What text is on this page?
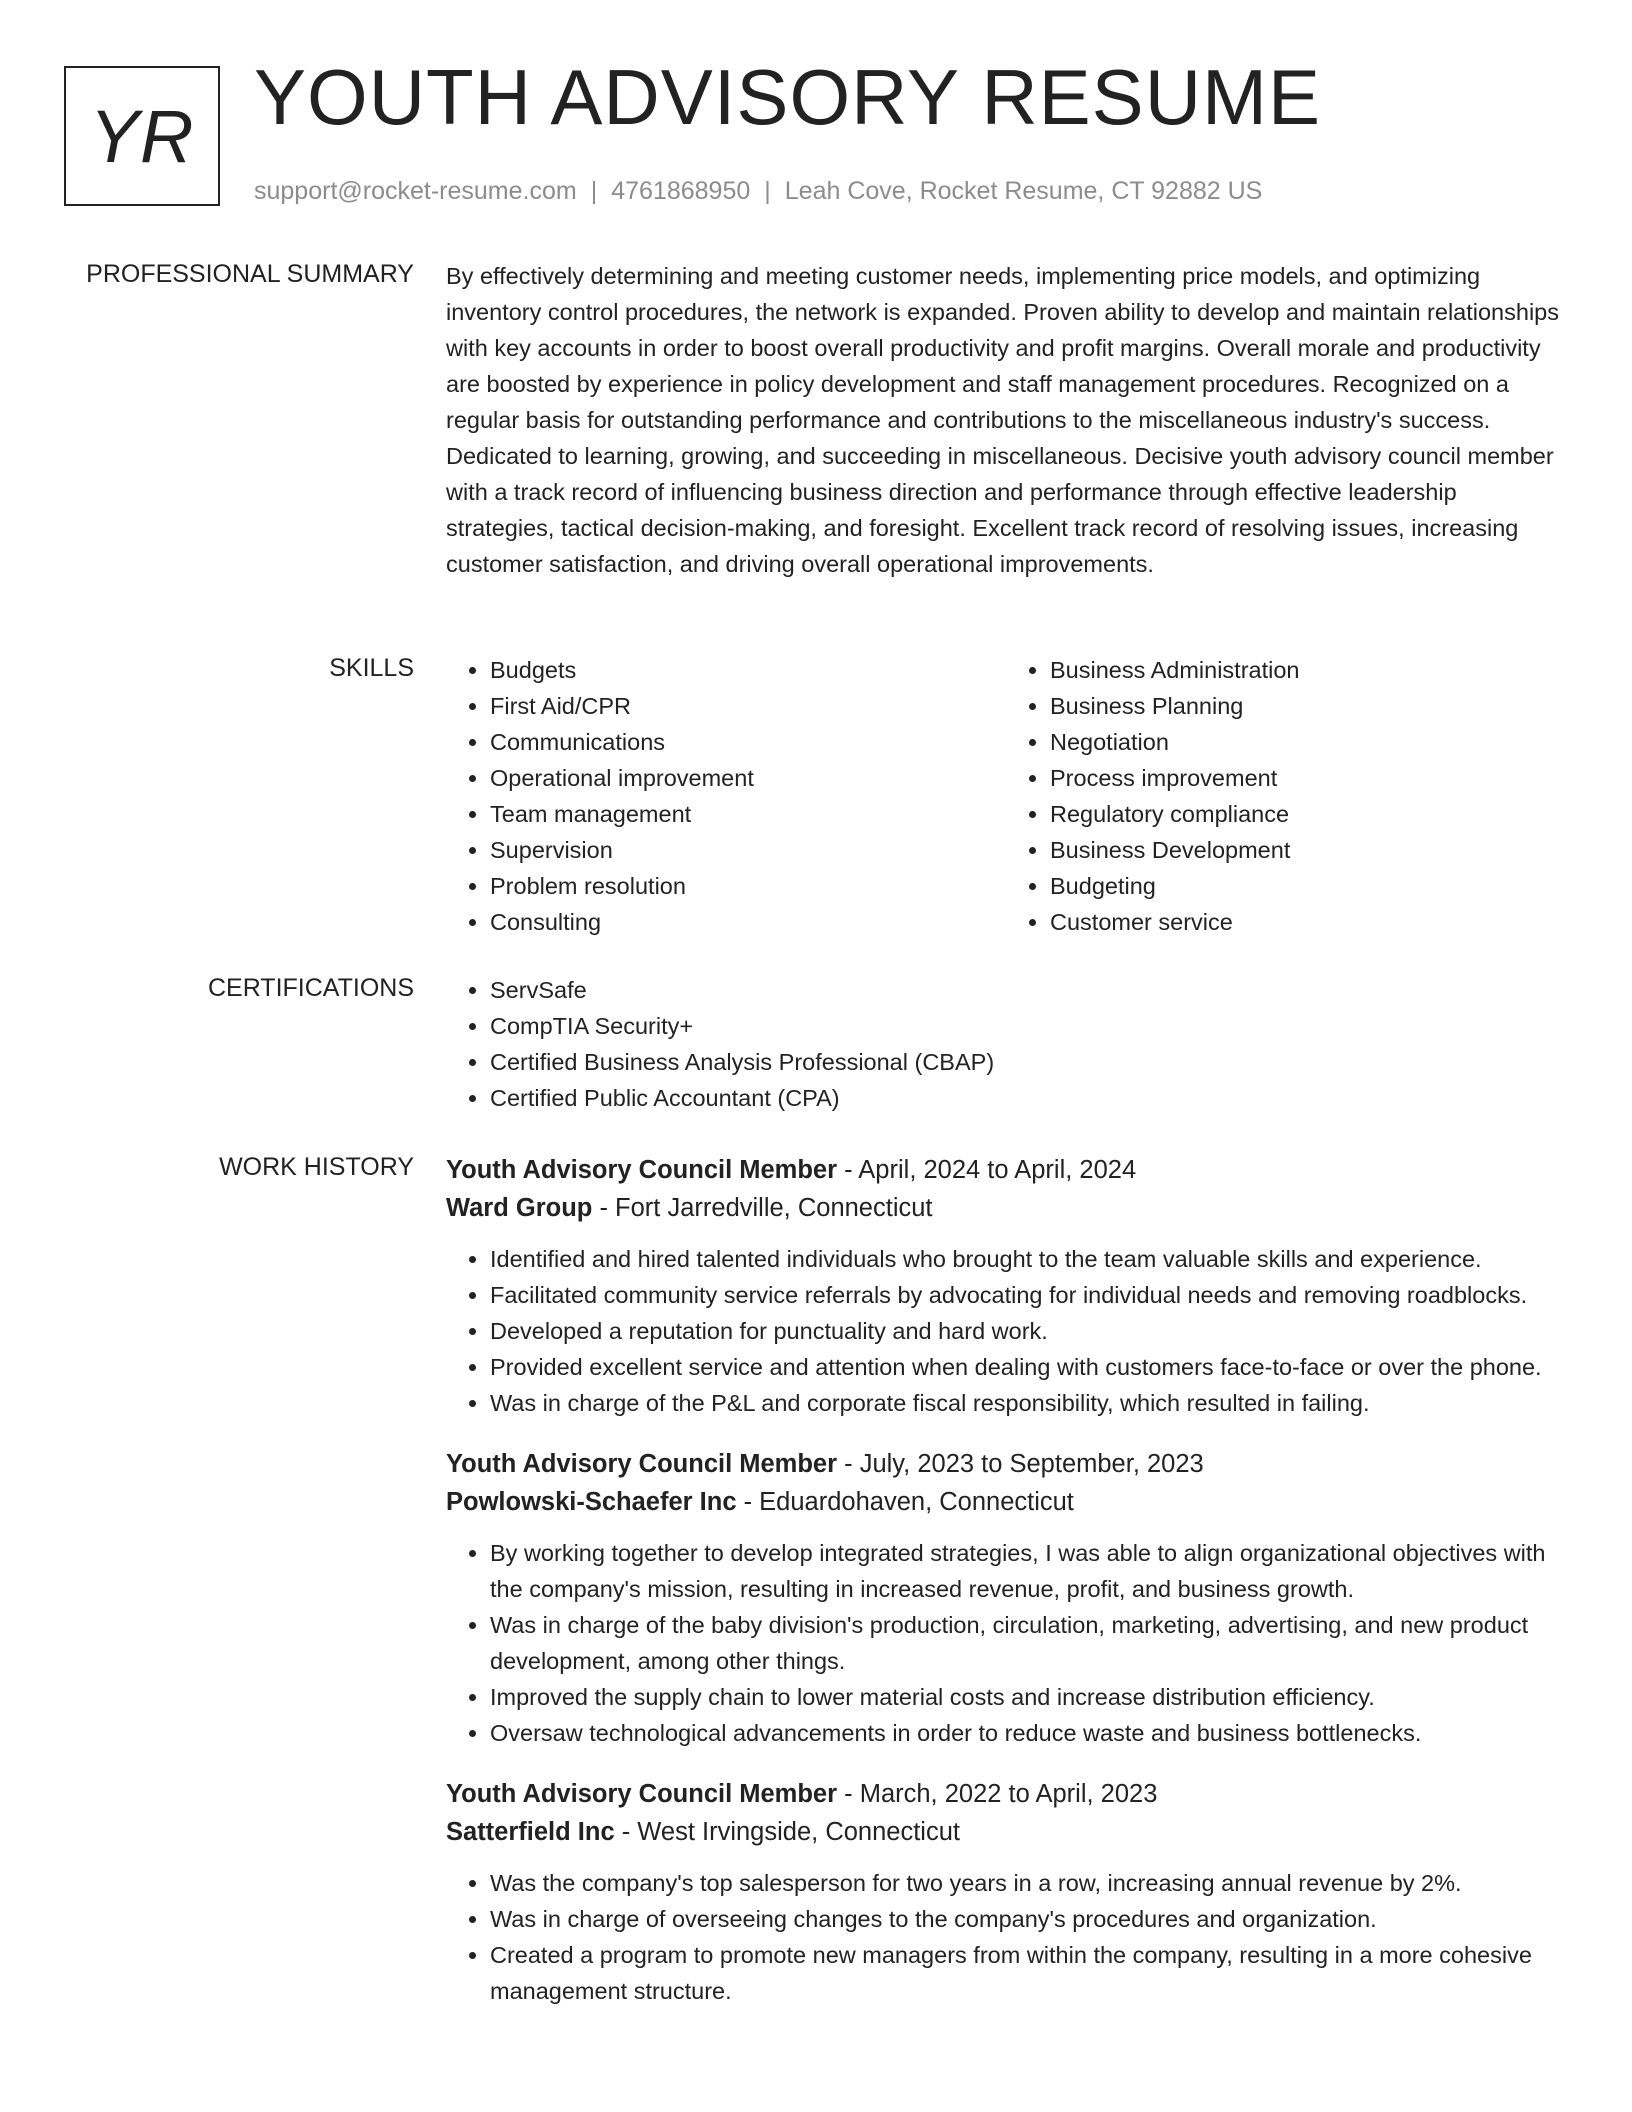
YR YOUTH ADVISORY RESUME
support@rocket-resume.com | 4761868950 | Leah Cove, Rocket Resume, CT 92882 US
PROFESSIONAL SUMMARY By effectively determining and meeting customer needs, implementing price models, and optimizing inventory control procedures, the network is expanded. Proven ability to develop and maintain relationships with key accounts in order to boost overall productivity and profit margins. Overall morale and productivity are boosted by experience in policy development and staff management procedures. Recognized on a regular basis for outstanding performance and contributions to the miscellaneous industry's success. Dedicated to learning, growing, and succeeding in miscellaneous. Decisive youth advisory council member with a track record of influencing business direction and performance through effective leadership strategies, tactical decision-making, and foresight. Excellent track record of resolving issues, increasing customer satisfaction, and driving overall operational improvements.
SKILLS	• Budgets
• First Aid/CPR
• Communications
• Operational improvement
• Team management
• Supervision
• Problem resolution
• Consulting
• Business Administration
• Business Planning
• Negotiation
• Process improvement
• Regulatory compliance
• Business Development
• Budgeting
• Customer service
CERTIFICATIONS	• ServSafe
• CompTIA Security+
• Certified Business Analysis Professional (CBAP)
• Certified Public Accountant (CPA)
WORK HISTORY Youth Advisory Council Member - April, 2024 to April, 2024
Ward Group - Fort Jarredville, Connecticut
• Identified and hired talented individuals who brought to the team valuable skills and experience.
• Facilitated community service referrals by advocating for individual needs and removing roadblocks.
• Developed a reputation for punctuality and hard work.
• Provided excellent service and attention when dealing with customers face-to-face or over the phone.
• Was in charge of the P&L and corporate fiscal responsibility, which resulted in failing.
Youth Advisory Council Member - July, 2023 to September, 2023
Powlowski-Schaefer Inc - Eduardohaven, Connecticut
• By working together to develop integrated strategies, I was able to align organizational objectives with the company's mission, resulting in increased revenue, profit, and business growth.
• Was in charge of the baby division's production, circulation, marketing, advertising, and new product development, among other things.
• Improved the supply chain to lower material costs and increase distribution efficiency.
• Oversaw technological advancements in order to reduce waste and business bottlenecks.
Youth Advisory Council Member - March, 2022 to April, 2023
Satterfield Inc - West Irvingside, Connecticut
• Was the company's top salesperson for two years in a row, increasing annual revenue by 2%.
• Was in charge of overseeing changes to the company's procedures and organization.
• Created a program to promote new managers from within the company, resulting in a more cohesive management structure.
